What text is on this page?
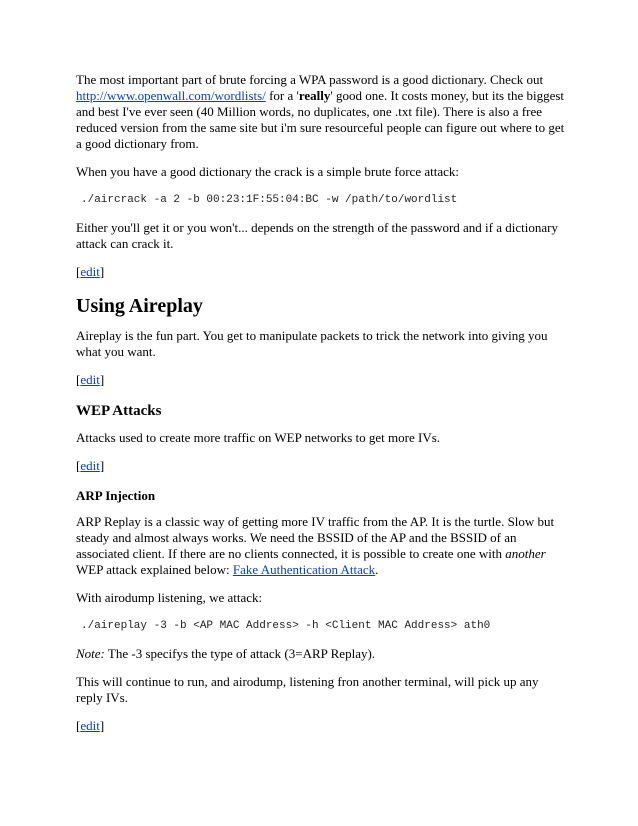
The most important part of brute forcing a WPA password is a good dictionary. Check out http://www.openwall.com/wordlists/ for a 'really' good one. It costs money, but its the biggest and best I've ever seen (40 Million words, no duplicates, one .txt file). There is also a free reduced version from the same site but i'm sure resourceful people can figure out where to get a good dictionary from.

When you have a good dictionary the crack is a simple brute force attack:

./aircrack -a 2 -b 00:23:1F:55:04:BC -w /path/to/wordlist

Either you'll get it or you won't... depends on the strength of the password and if a dictionary attack can crack it.

[edit]

Using Aireplay

Aireplay is the fun part. You get to manipulate packets to trick the network into giving you what you want.

[edit]

WEP Attacks

Attacks used to create more traffic on WEP networks to get more IVs.

[edit]

ARP Injection

ARP Replay is a classic way of getting more IV traffic from the AP. It is the turtle. Slow but steady and almost always works. We need the BSSID of the AP and the BSSID of an associated client. If there are no clients connected, it is possible to create one with another WEP attack explained below: Fake Authentication Attack.

With airodump listening, we attack:

./aireplay -3 -b <AP MAC Address> -h <Client MAC Address> ath0

Note: The -3 specifys the type of attack (3=ARP Replay).

This will continue to run, and airodump, listening fron another terminal, will pick up any reply IVs.

[edit]
